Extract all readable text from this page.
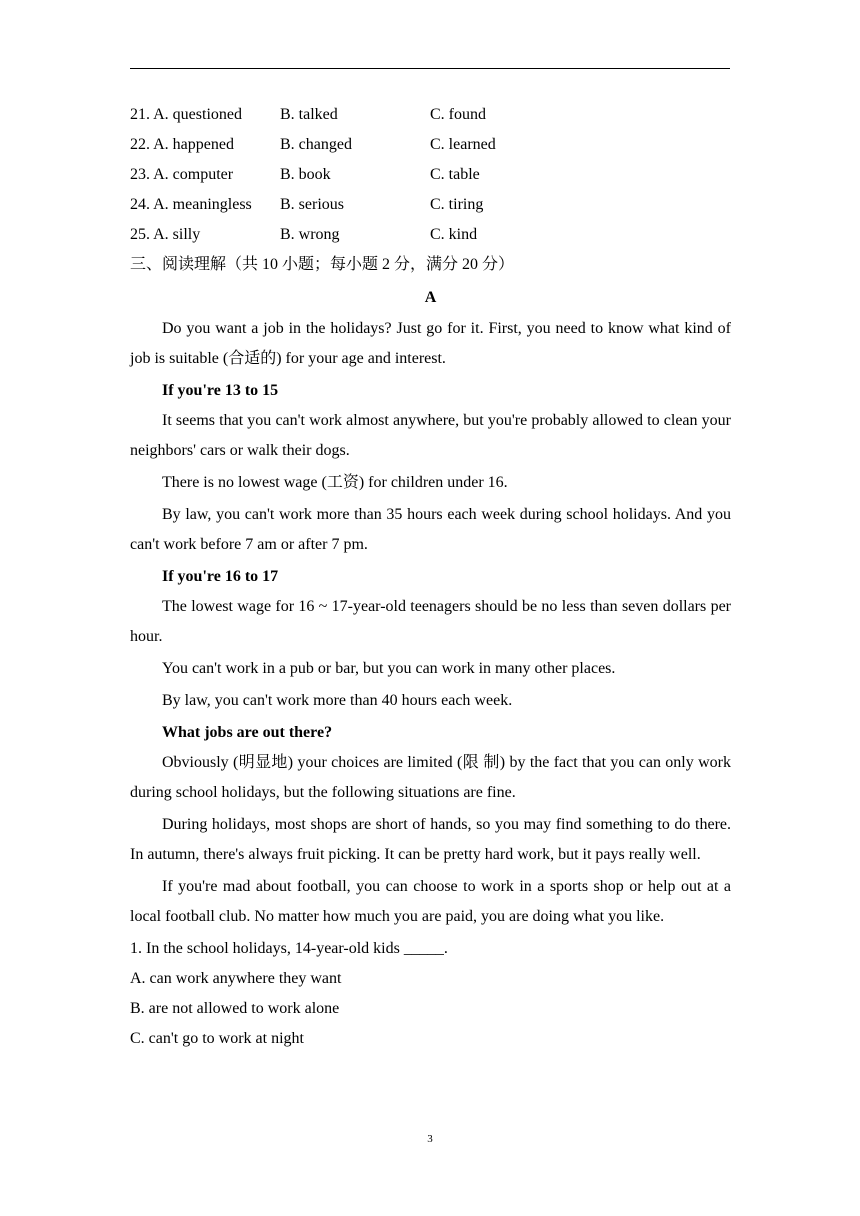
21. A. questioned	B. talked	C. found
22. A. happened	B. changed	C. learned
23. A. computer	B. book	C. table
24. A. meaningless	B. serious	C. tiring
25. A. silly	B. wrong	C. kind
三、阅读理解（共 10 小题；每小题 2 分，满分 20 分）
A

Do you want a job in the holidays? Just go for it. First, you need to know what kind of job is suitable (合适的) for your age and interest.

If you're 13 to 15

It seems that you can't work almost anywhere, but you're probably allowed to clean your neighbors' cars or walk their dogs.

There is no lowest wage (工资) for children under 16.

By law, you can't work more than 35 hours each week during school holidays. And you can't work before 7 am or after 7 pm.

If you're 16 to 17

The lowest wage for 16 ~ 17-year-old teenagers should be no less than seven dollars per hour.

You can't work in a pub or bar, but you can work in many other places.

By law, you can't work more than 40 hours each week.

What jobs are out there?

Obviously (明显地) your choices are limited (限 制) by the fact that you can only work during school holidays, but the following situations are fine.

During holidays, most shops are short of hands, so you may find something to do there. In autumn, there's always fruit picking. It can be pretty hard work, but it pays really well.

If you're mad about football, you can choose to work in a sports shop or help out at a local football club. No matter how much you are paid, you are doing what you like.

1. In the school holidays, 14-year-old kids _____.
A. can work anywhere they want
B. are not allowed to work alone
C. can't go to work at night
3
